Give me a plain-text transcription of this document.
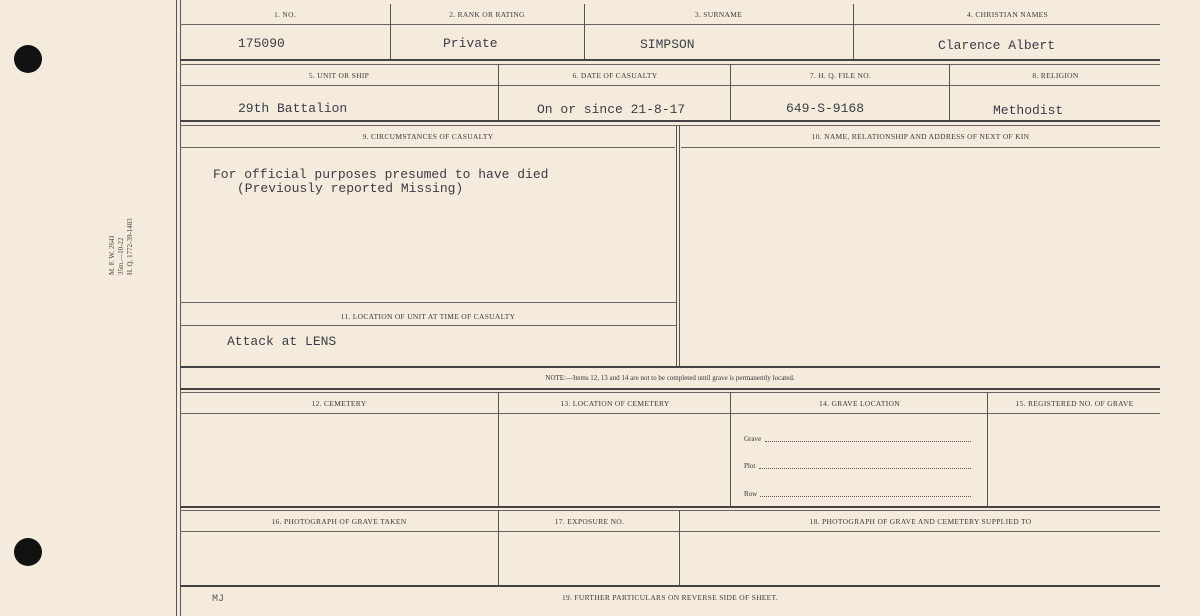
M. F. W. 2641 35m.—10-22 H. Q. 1772-39-1483
1. NO.	2. RANK OR RATING	3. SURNAME	4. CHRISTIAN NAMES
175090	Private	SIMPSON	Clarence Albert
5. UNIT OR SHIP	6. DATE OF CASUALTY	7. H. Q. FILE NO.	8. RELIGION
29th Battalion	On or since 21-8-17	649-S-9168	Methodist
9. CIRCUMSTANCES OF CASUALTY	10. NAME, RELATIONSHIP AND ADDRESS OF NEXT OF KIN
For official purposes presumed to have died
(Previously reported Missing)
11. LOCATION OF UNIT AT TIME OF CASUALTY
Attack at LENS
NOTE:—Items 12, 13 and 14 are not to be completed until grave is permanently located.
12. CEMETERY	13. LOCATION OF CEMETERY	14. GRAVE LOCATION	15. REGISTERED NO. OF GRAVE
Grave
Plot
Row
16. PHOTOGRAPH OF GRAVE TAKEN	17. EXPOSURE NO.	18. PHOTOGRAPH OF GRAVE AND CEMETERY SUPPLIED TO
MJ	19. FURTHER PARTICULARS ON REVERSE SIDE OF SHEET.
